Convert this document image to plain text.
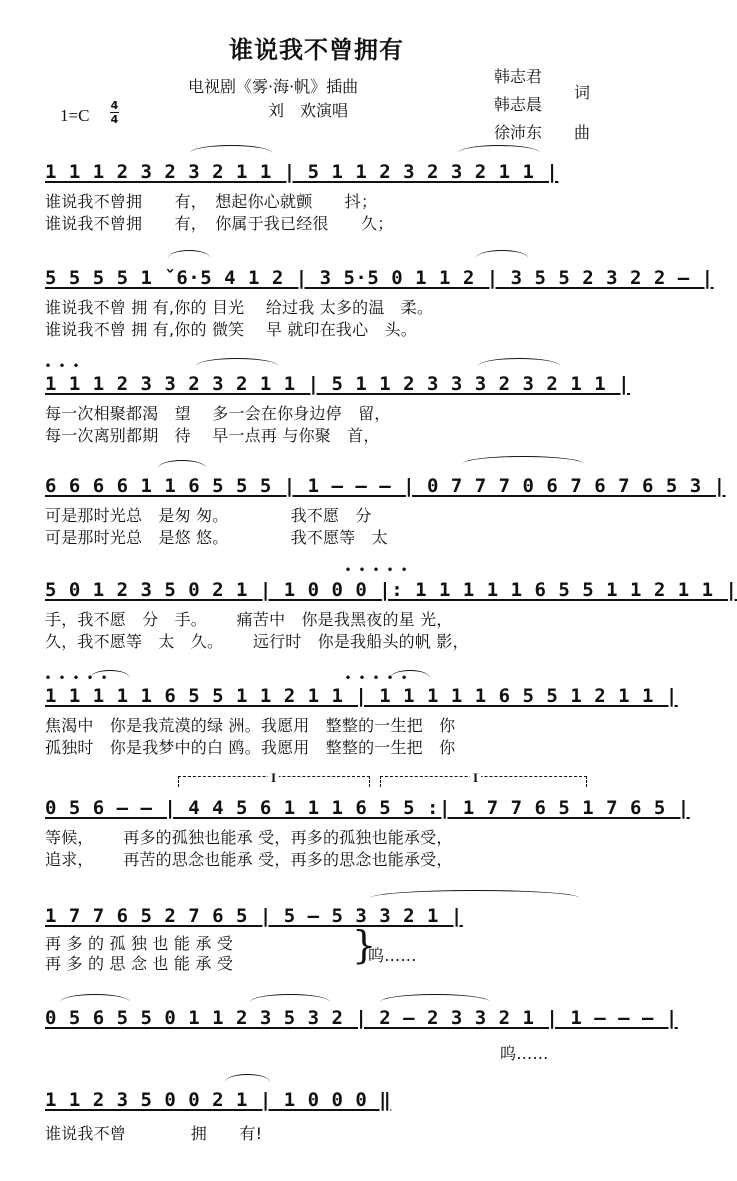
谁说我不曾拥有
电视剧《雾·海·帆》插曲
刘　欢演唱
韩志君
韩志晨
词
徐沛东 曲
1=C
4
4
1 1 1 2 3 2 3 2 1 1 | 5 1 1 2 3 2 3 2 1 1 |
谁说我不曾拥　　有，　想起你心就颤　　抖；
谁说我不曾拥　　有，　你属于我已经很　　久；
5 5 5 5 1 ˇ6·5 4 1 2 | 3 5·5 0 1 1 2 | 3 5 5 2 3 2 2 — |
谁说我不曾 拥 有,你的 目光　 给过我 太多的温　柔。
谁说我不曾 拥 有,你的 微笑　 早 就印在我心　头。
•••
1 1 1 2 3 3 2 3 2 1 1 | 5 1 1 2 3 3 3 2 3 2 1 1 |
每一次相聚都渴　望　 多一会在你身边停　留，
每一次离别都期　待　 早一点再 与你聚　首，
6 6 6 6 1 1 6 5 5 5 | 1 — — — | 0 7 7 7 0 6 7 6 7 6 5 3 |
可是那时光总　是匆 匆。　　　　 我不愿　分
可是那时光总　是悠 悠。　　　　 我不愿等　太
•••••
5 0 1 2 3 5 0 2 1 | 1 0 0 0 |: 1 1 1 1 1 6 5 5 1 1 2 1 1 |
手，我不愿　分　手。　　 痛苦中　你是我黑夜的星 光，
久，我不愿等　太　久。　　 远行时　你是我船头的帆 影，
•••••	•••••
1 1 1 1 1 6 5 5 1 1 2 1 1 | 1 1 1 1 1 6 5 5 1 2 1 1 |
焦渴中　你是我荒漠的绿 洲。我愿用　整整的一生把　你
孤独时　你是我梦中的白 鸥。我愿用　整整的一生把　你
I	I
0 5 6 — — | 4 4 5 6 1 1 1 6 5 5 :| 1 7 7 6 5 1 7 6 5 |
等候，　　 再多的孤独也能承 受，再多的孤独也能承受，
追求，　　 再苦的思念也能承 受，再多的思念也能承受，
1 7 7 6 5 2 7 6 5 | 5 — 5 3 3 2 1 |
再 多 的 孤 独 也 能 承 受
再 多 的 思 念 也 能 承 受	}
呜……
0 5 6 5 5 0 1 1 2 3 5 3 2 | 2 — 2 3 3 2 1 | 1 — — — |
呜……
1 1 2 3 5 0 0 2 1 | 1 0 0 0 ‖
谁说我不曾　　　　拥　　有!
